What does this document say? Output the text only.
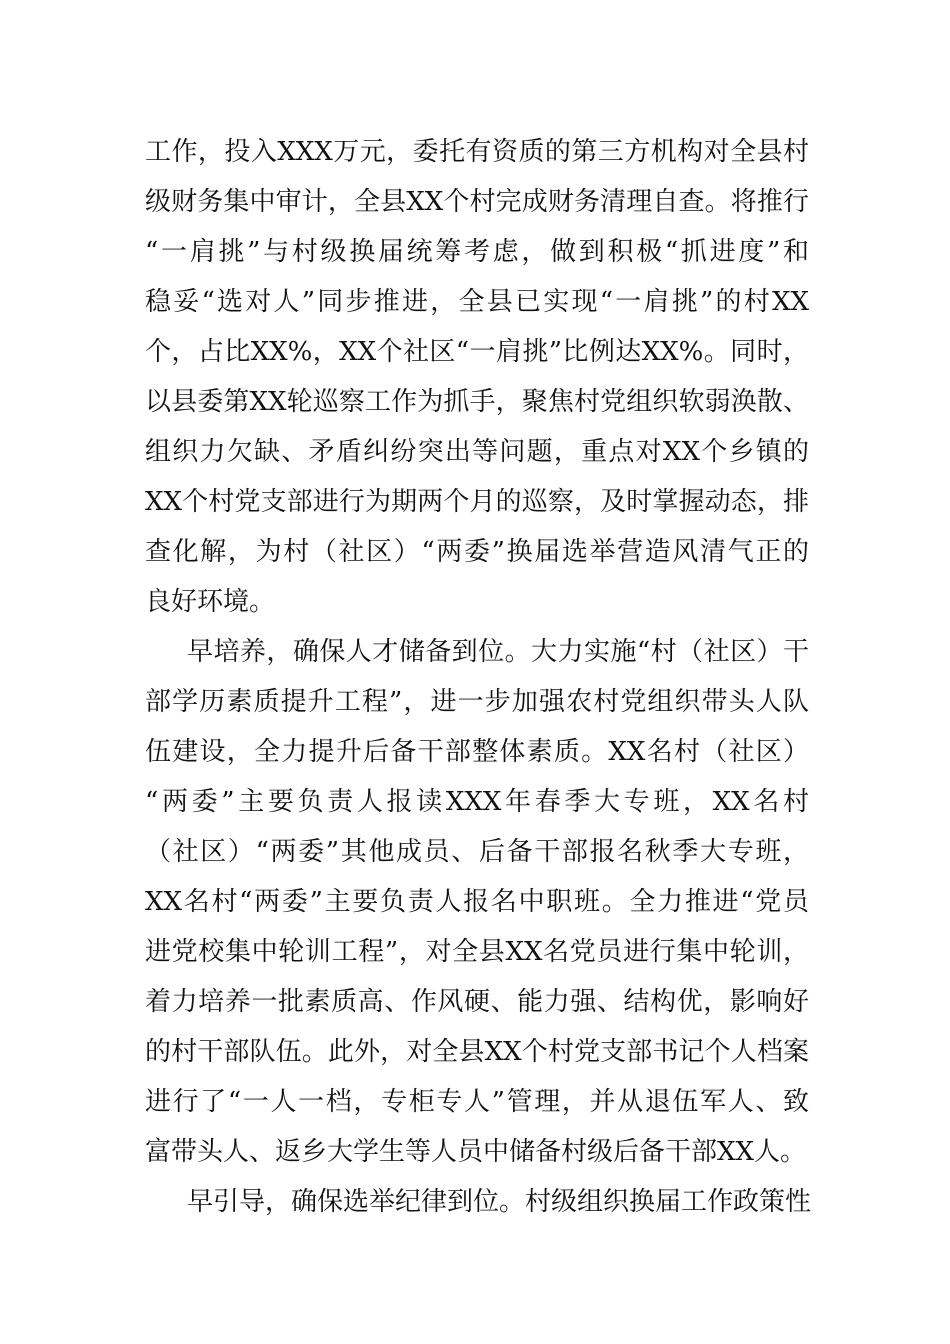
工作，投入XXX万元，委托有资质的第三方机构对全县村
级财务集中审计，全县XX个村完成财务清理自查。将推行
“一肩挑”与村级换届统筹考虑，做到积极“抓进度”和
稳妥“选对人”同步推进，全县已实现“一肩挑”的村XX
个，占比XX%，XX个社区“一肩挑”比例达XX%。同时，
以县委第XX轮巡察工作为抓手，聚焦村党组织软弱涣散、
组织力欠缺、矛盾纠纷突出等问题，重点对XX个乡镇的
XX个村党支部进行为期两个月的巡察，及时掌握动态，排
查化解，为村（社区）“两委”换届选举营造风清气正的
良好环境。
早培养，确保人才储备到位。大力实施“村（社区）干
部学历素质提升工程”，进一步加强农村党组织带头人队
伍建设，全力提升后备干部整体素质。XX名村（社区）
“两委”主要负责人报读XXX年春季大专班，XX名村
（社区）“两委”其他成员、后备干部报名秋季大专班，
XX名村“两委”主要负责人报名中职班。全力推进“党员
进党校集中轮训工程”，对全县XX名党员进行集中轮训，
着力培养一批素质高、作风硬、能力强、结构优，影响好
的村干部队伍。此外，对全县XX个村党支部书记个人档案
进行了“一人一档，专柜专人”管理，并从退伍军人、致
富带头人、返乡大学生等人员中储备村级后备干部XX人。
早引导，确保选举纪律到位。村级组织换届工作政策性
